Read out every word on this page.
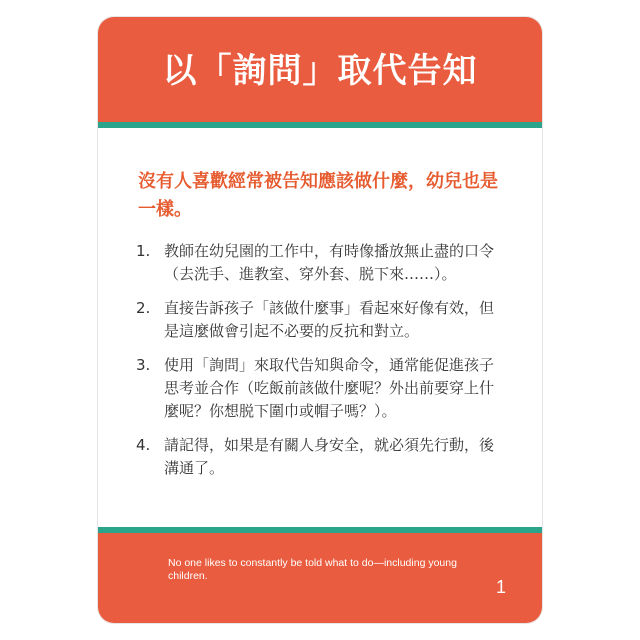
以「詢問」取代告知
沒有人喜歡經常被告知應該做什麼，幼兒也是一樣。
1. 教師在幼兒園的工作中，有時像播放無止盡的口令（去洗手、進教室、穿外套、脱下來……）。
2. 直接告訴孩子「該做什麼事」看起來好像有效，但是這麼做會引起不必要的反抗和對立。
3. 使用「詢問」來取代告知與命令，通常能促進孩子思考並合作（吃飯前該做什麼呢？外出前要穿上什麼呢？你想脱下圍巾或帽子嗎？）。
4. 請記得，如果是有關人身安全，就必須先行動，後溝通了。
No one likes to constantly be told what to do—including young children.
1
